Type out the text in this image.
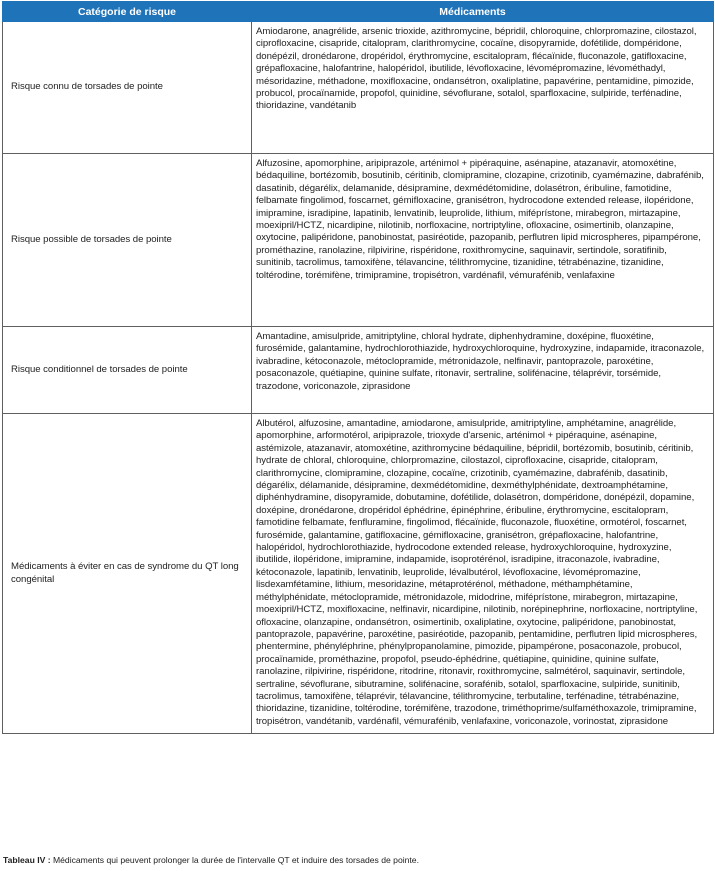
Catégorie de risque	Médicaments
Risque connu de torsades de pointe	Amiodarone, anagrélide, arsenic trioxide, azithromycine, bépridil, chloroquine, chlorpromazine, cilostazol, ciprofloxacine, cisapride, citalopram, clarithromycine, cocaïne, disopyramide, dofétilide, dompéridone, donépézil, dronédarone, dropéridol, érythromycine, escitalopram, flécaïnide, fluconazole, gatifloxacine, grépafloxacine, halofantrine, halopéridol, ibutilide, lévofloxacine, lévomépromazine, lévométhadyl, mésoridazine, méthadone, moxifloxacine, ondansétron, oxaliplatine, papavérine, pentamidine, pimozide, probucol, procaïnamide, propofol, quinidine, sévoflurane, sotalol, sparfloxacine, sulpiride, terfénadine, thioridazine, vandétanib
Risque possible de torsades de pointe	Alfuzosine, apomorphine, aripiprazole, arténimol + pipéraquine, asénapine, atazanavir, atomoxétine, bédaquiline, bortézomib, bosutinib, céritinib, clomipramine, clozapine, crizotinib, cyamémazine, dabrafénib, dasatinib, dégarélix, delamanide, désipramine, dexmédétomidine, dolasétron, éribuline, famotidine, felbamate fingolimod, foscarnet, gémifloxacine, granisétron, hydrocodone extended release, ilopéridone, imipramine, isradipine, lapatinib, lenvatinib, leuprolide, lithium, miféprístone, mirabegron, mirtazapine, moexipril/HCTZ, nicardipine, nilotinib, norfloxacine, nortriptyline, ofloxacine, osimertinib, olanzapine, oxytocine, palipéridone, panobinostat, pasiréotide, pazopanib, perflutren lipid microspheres, pipampérone, prométhazine, ranolazine, rilpivirine, rispéridone, roxithromycine, saquinavir, sertindole, soratifinib, sunitinib, tacrolimus, tamoxifène, télavancine, télithromycine, tizanidine, tétrabénazine, tizanidine, toltérodine, torémifène, trimipramine, tropisétron, vardénafil, vémurafénib, venlafaxine
Risque conditionnel de torsades de pointe	Amantadine, amisulpride, amitriptyline, chloral hydrate, diphenhydramine, doxépine, fluoxétine, furosémide, galantamine, hydrochlorothiazide, hydroxychloroquine, hydroxyzine, indapamide, itraconazole, ivabradine, kétoconazole, métoclopramide, métronidazole, nelfinavir, pantoprazole, paroxétine, posaconazole, quétiapine, quinine sulfate, ritonavir, sertraline, solifénacine, télaprévir, torsémide, trazodone, voriconazole, ziprasidone
Médicaments à éviter en cas de syndrome du QT long congénital	Albutérol, alfuzosine, amantadine, amiodarone, amisulpride, amitriptyline, amphétamine, anagrélide, apomorphine, arformotérol, aripiprazole, trioxyde d'arsenic, arténimol + pipéraquine, asénapine, astémizole, atazanavir, atomoxétine, azithromycine bédaquiline, bépridil, bortézomib, bosutinib, céritinib, hydrate de chloral, chloroquine, chlorpromazine, cilostazol, ciprofloxacine, cisapride, citalopram, clarithromycine, clomipramine, clozapine, cocaïne, crizotinib, cyamémazine, dabrafénib, dasatinib, dégarélix, délamanide, désipramine, dexmédétomidine, dexméthylphénidate, dextroamphétamine, diphénhydramine, disopyramide, dobutamine, dofétilide, dolasétron, dompéridone, donépézil, dopamine, doxépine, dronédarone, dropéridol éphédrine, épinéphrine, éribuline, érythromycine, escitalopram, famotidine felbamate, fenfluramine, fingolimod, flécaïnide, fluconazole, fluoxétine, ormotérol, foscarnet, furosémide, galantamine, gatifloxacine, gémifloxacine, granisétron, grépafloxacine, halofantrine, halopéridol, hydrochlorothiazide, hydrocodone extended release, hydroxychloroquine, hydroxyzine, ibutilide, ilopéridone, imipramine, indapamide, isoprotérénol, isradipine, itraconazole, ivabradine, kétoconazole, lapatinib, lenvatinib, leuprolide, lévalbutérol, lévofloxacine, lévomépromazine, lisdexamfétamine, lithium, mesoridazine, métaprotérénol, méthadone, méthamphétamine, méthylphénidate, métoclopramide, métronidazole, midodrine, miféprístone, mirabegron, mirtazapine, moexipril/HCTZ, moxifloxacine, nelfinavir, nicardipine, nilotinib, norépinephrine, norfloxacine, nortriptyline, ofloxacine, olanzapine, ondansétron, osimertinib, oxaliplatine, oxytocine, palipéridone, panobinostat, pantoprazole, papavérine, paroxétine, pasiréotide, pazopanib, pentamidine, perflutren lipid microspheres, phentermine, phényléphrine, phénylpropanolamine, pimozide, pipampérone, posaconazole, probucol, procaïnamide, prométhazine, propofol, pseudo-éphédrine, quétiapine, quinidine, quinine sulfate, ranolazine, rilpivirine, rispéridone, ritodrine, ritonavir, roxithromycine, salmétérol, saquinavir, sertindole, sertraline, sévoflurane, sibutramine, solifénacine, sorafénib, sotalol, sparfloxacine, sulpiride, sunitinib, tacrolimus, tamoxifène, télaprévir, télavancine, télithromycine, terbutaline, terfénadine, tétrabénazine, thioridazine, tizanidine, toltérodine, torémifène, trazodone, triméthoprime/sulfaméthoxazole, trimipramine, tropisétron, vandétanib, vardénafil, vémurafénib, venlafaxine, voriconazole, vorinostat, ziprasidone
Tableau IV : Médicaments qui peuvent prolonger la durée de l'intervalle QT et induire des torsades de pointe.
